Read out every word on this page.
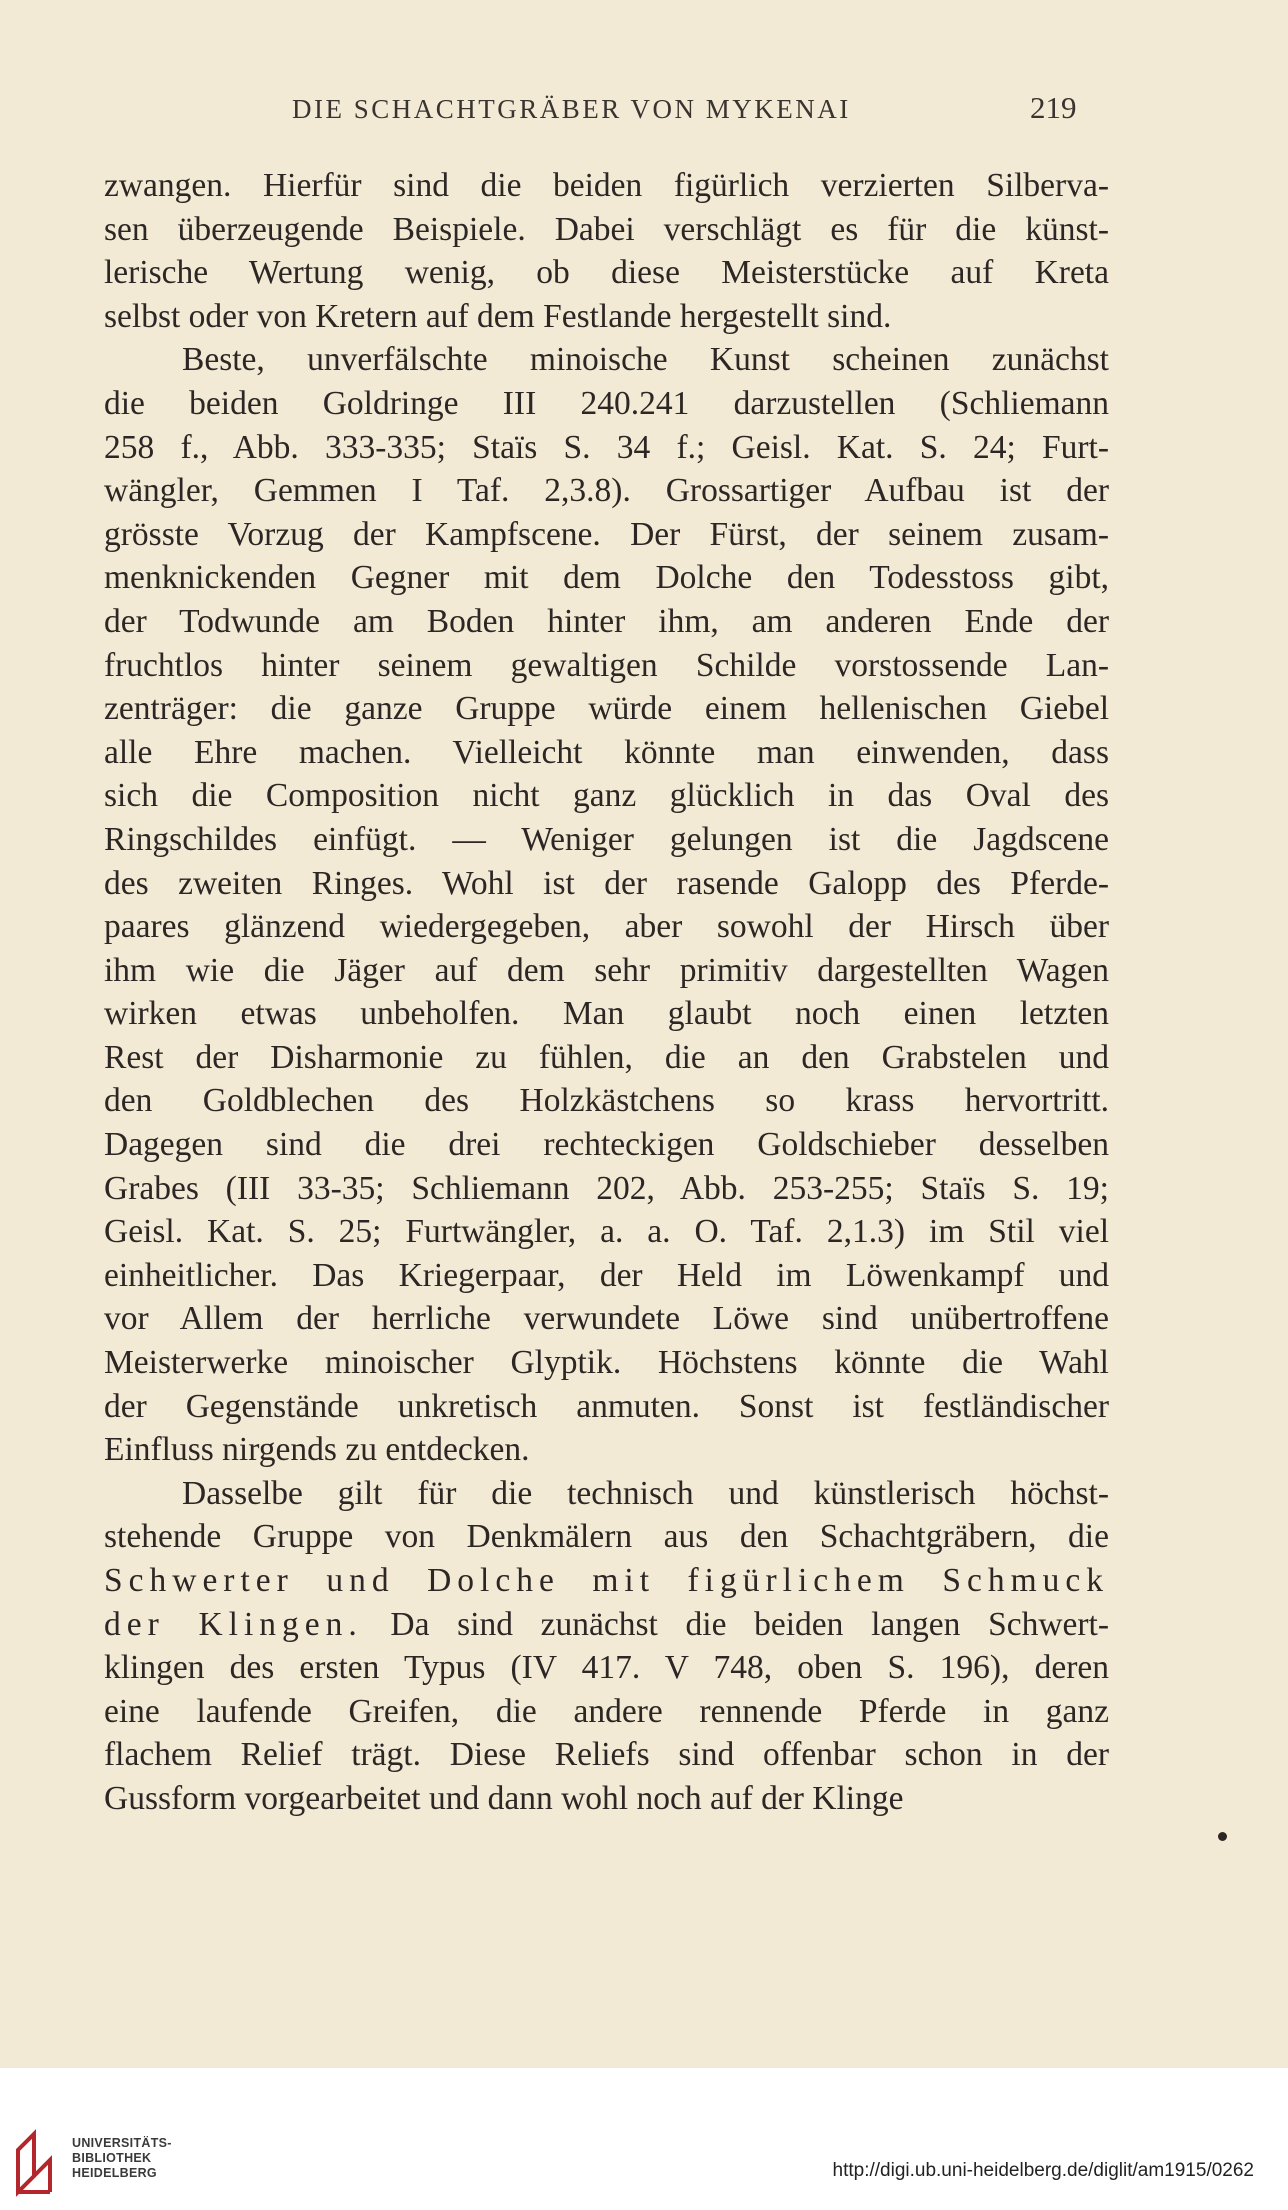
DIE SCHACHTGRÄBER VON MYKENAI	219
zwangen. Hierfür sind die beiden figürlich verzierten Silberva-
sen überzeugende Beispiele. Dabei verschlägt es für die künst-
lerische Wertung wenig, ob diese Meisterstücke auf Kreta
selbst oder von Kretern auf dem Festlande hergestellt sind.
Beste, unverfälschte minoische Kunst scheinen zunächst
die beiden Goldringe III 240.241 darzustellen (Schliemann
258 f., Abb. 333-335; Staïs S. 34 f.; Geisl. Kat. S. 24; Furt-
wängler, Gemmen I Taf. 2,3.8). Grossartiger Aufbau ist der
grösste Vorzug der Kampfscene. Der Fürst, der seinem zusam-
menknickenden Gegner mit dem Dolche den Todesstoss gibt,
der Todwunde am Boden hinter ihm, am anderen Ende der
fruchtlos hinter seinem gewaltigen Schilde vorstossende Lan-
zenträger: die ganze Gruppe würde einem hellenischen Giebel
alle Ehre machen. Vielleicht könnte man einwenden, dass
sich die Composition nicht ganz glücklich in das Oval des
Ringschildes einfügt. — Weniger gelungen ist die Jagdscene
des zweiten Ringes. Wohl ist der rasende Galopp des Pferde-
paares glänzend wiedergegeben, aber sowohl der Hirsch über
ihm wie die Jäger auf dem sehr primitiv dargestellten Wagen
wirken etwas unbeholfen. Man glaubt noch einen letzten
Rest der Disharmonie zu fühlen, die an den Grabstelen und
den Goldblechen des Holzkästchens so krass hervortritt.
Dagegen sind die drei rechteckigen Goldschieber desselben
Grabes (III 33-35; Schliemann 202, Abb. 253-255; Staïs S. 19;
Geisl. Kat. S. 25; Furtwängler, a. a. O. Taf. 2,1.3) im Stil viel
einheitlicher. Das Kriegerpaar, der Held im Löwenkampf und
vor Allem der herrliche verwundete Löwe sind unübertroffene
Meisterwerke minoischer Glyptik. Höchstens könnte die Wahl
der Gegenstände unkretisch anmuten. Sonst ist festländischer
Einfluss nirgends zu entdecken.
Dasselbe gilt für die technisch und künstlerisch höchst-
stehende Gruppe von Denkmälern aus den Schachtgräbern, die
Schwerter und Dolche mit figürlichem Schmuck
der Klingen. Da sind zunächst die beiden langen Schwert-
klingen des ersten Typus (IV 417. V 748, oben S. 196), deren
eine laufende Greifen, die andere rennende Pferde in ganz
flachem Relief trägt. Diese Reliefs sind offenbar schon in der
Gussform vorgearbeitet und dann wohl noch auf der Klinge
UNIVERSITÄTS-
BIBLIOTHEK
HEIDELBERG	http://digi.ub.uni-heidelberg.de/diglit/am1915/0262
